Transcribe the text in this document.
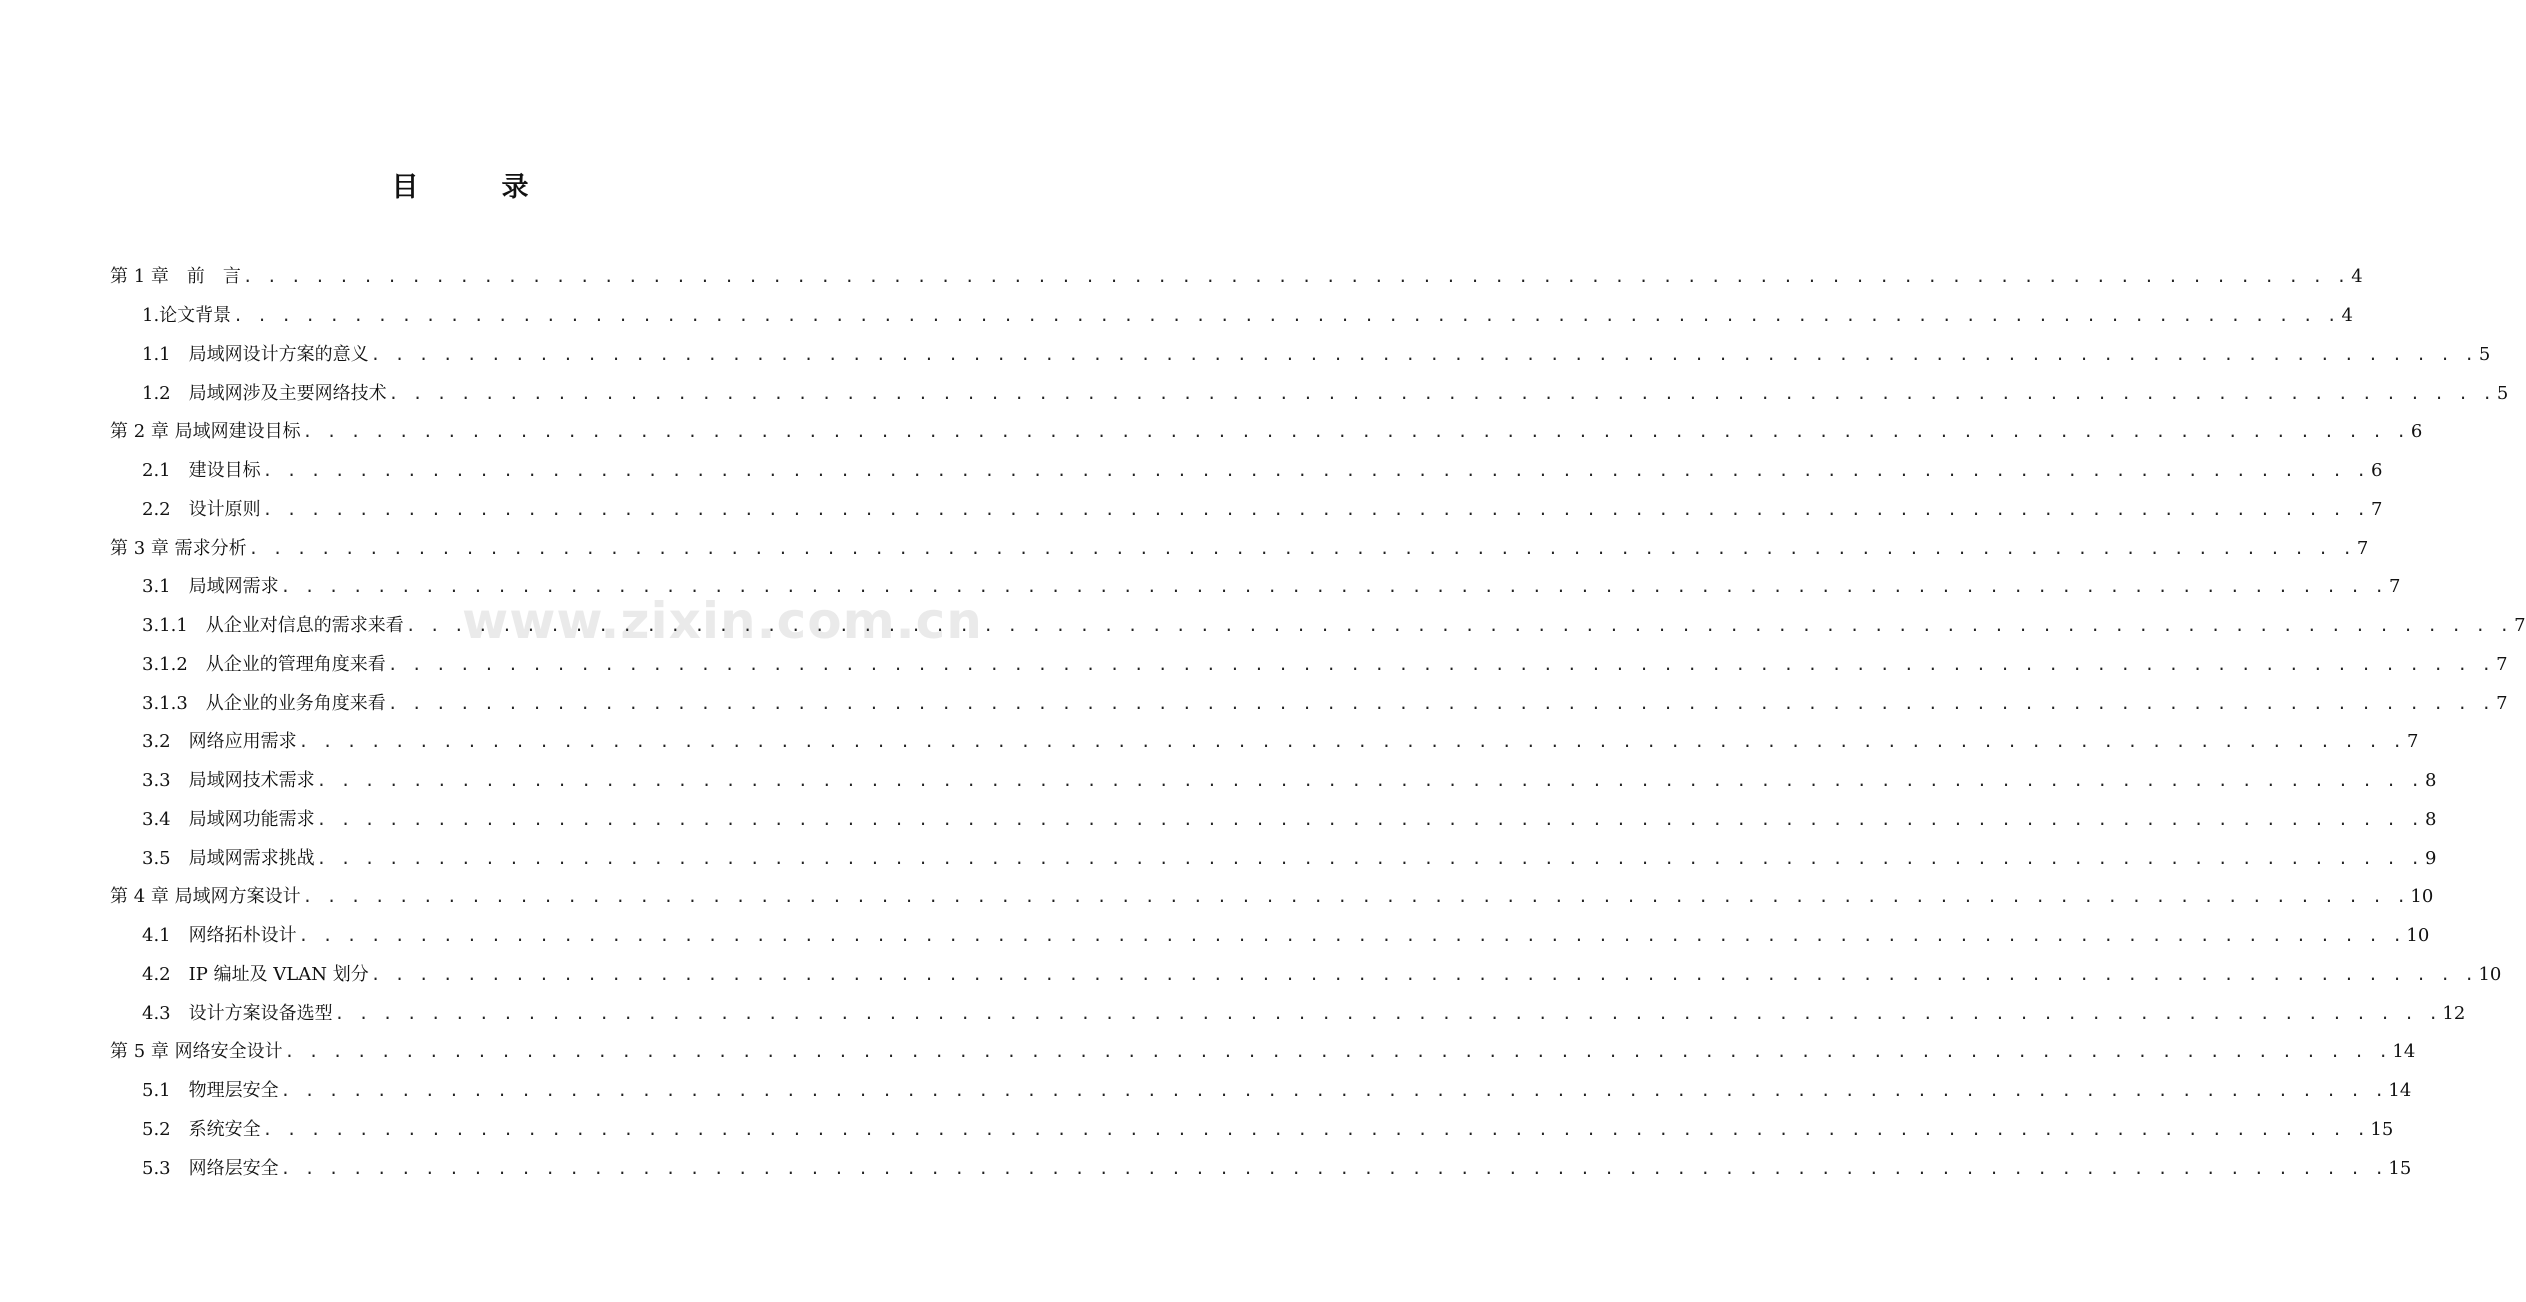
目　录
www.zixin.com.cn
第 1 章　前　言 . . .	4
1.论文背景 . . .	4
1.1　局域网设计方案的意义 . . .	5
1.2　局域网涉及主要网络技术 . . .	5
第 2 章 局域网建设目标 . . .	6
2.1　建设目标 . . .	6
2.2　设计原则 . . .	7
第 3 章 需求分析 . . .	7
3.1　局域网需求 . . .	7
3.1.1　从企业对信息的需求来看 . . .	7
3.1.2　从企业的管理角度来看 . . .	7
3.1.3　从企业的业务角度来看 . . .	7
3.2　网络应用需求 . . .	7
3.3　局域网技术需求 . . .	8
3.4　局域网功能需求 . . .	8
3.5　局域网需求挑战 . . .	9
第 4 章 局域网方案设计 . . .	10
4.1　网络拓朴设计 . . .	10
4.2　IP 编址及 VLAN 划分 . . .	10
4.3　设计方案设备选型 . . .	12
第 5 章 网络安全设计 . . .	14
5.1　物理层安全 . . .	14
5.2　系统安全 . . .	15
5.3　网络层安全 . . .	15
